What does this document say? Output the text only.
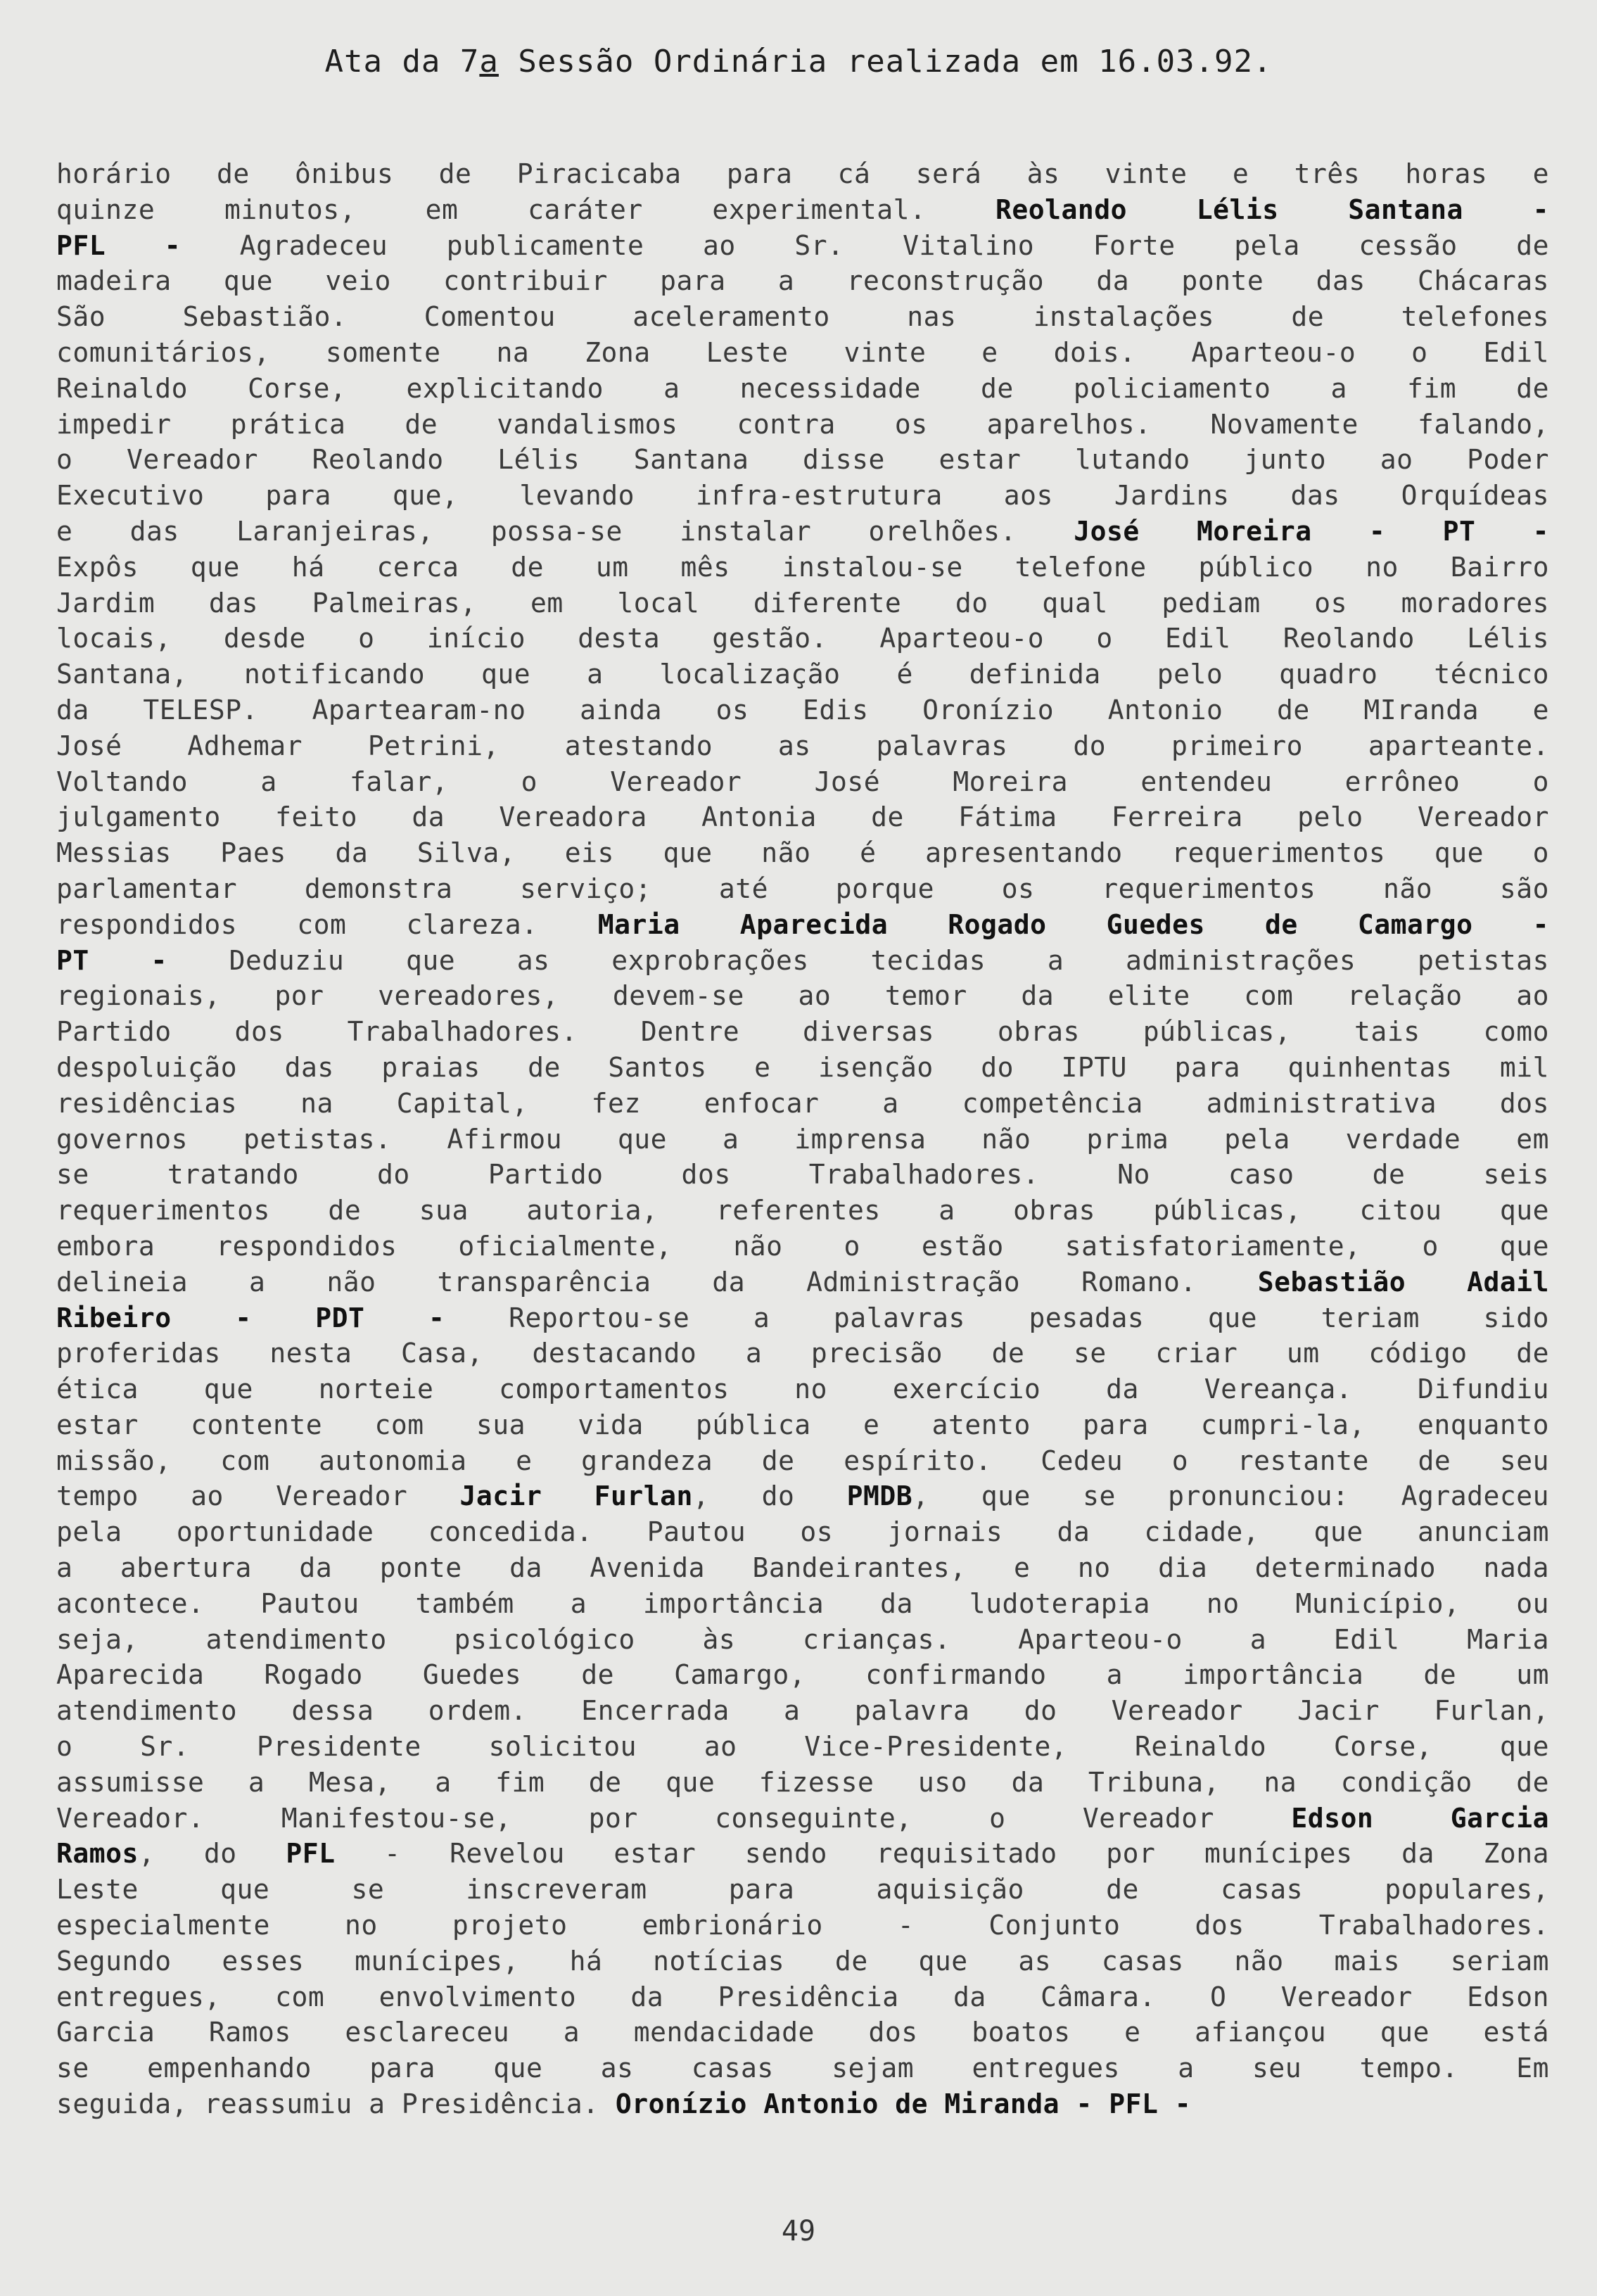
Ata da 7a Sessão Ordinária realizada em 16.03.92.
horário de ônibus de Piracicaba para cá será às vinte e três horas e
quinze minutos, em caráter experimental. Reolando Lélis Santana -
PFL - Agradeceu publicamente ao Sr. Vitalino Forte pela cessão de
madeira que veio contribuir para a reconstrução da ponte das Chácaras
São Sebastião. Comentou aceleramento nas instalações de telefones
comunitários, somente na Zona Leste vinte e dois. Aparteou-o o Edil
Reinaldo Corse, explicitando a necessidade de policiamento a fim de
impedir prática de vandalismos contra os aparelhos. Novamente falando,
o Vereador Reolando Lélis Santana disse estar lutando junto ao Poder
Executivo para que, levando infra-estrutura aos Jardins das Orquídeas
e das Laranjeiras, possa-se instalar orelhões. José Moreira - PT -
Expôs que há cerca de um mês instalou-se telefone público no Bairro
Jardim das Palmeiras, em local diferente do qual pediam os moradores
locais, desde o início desta gestão. Aparteou-o o Edil Reolando Lélis
Santana, notificando que a localização é definida pelo quadro técnico
da TELESP. Apartearam-no ainda os Edis Oronízio Antonio de MIranda e
José Adhemar Petrini, atestando as palavras do primeiro aparteante.
Voltando a falar, o Vereador José Moreira entendeu errôneo o
julgamento feito da Vereadora Antonia de Fátima Ferreira pelo Vereador
Messias Paes da Silva, eis que não é apresentando requerimentos que o
parlamentar demonstra serviço; até porque os requerimentos não são
respondidos com clareza. Maria Aparecida Rogado Guedes de Camargo -
PT - Deduziu que as exprobrações tecidas a administrações petistas
regionais, por vereadores, devem-se ao temor da elite com relação ao
Partido dos Trabalhadores. Dentre diversas obras públicas, tais como
despoluição das praias de Santos e isenção do IPTU para quinhentas mil
residências na Capital, fez enfocar a competência administrativa dos
governos petistas. Afirmou que a imprensa não prima pela verdade em
se tratando do Partido dos Trabalhadores. No caso de seis
requerimentos de sua autoria, referentes a obras públicas, citou que
embora respondidos oficialmente, não o estão satisfatoriamente, o que
delineia a não transparência da Administração Romano. Sebastião Adail
Ribeiro - PDT - Reportou-se a palavras pesadas que teriam sido
proferidas nesta Casa, destacando a precisão de se criar um código de
ética que norteie comportamentos no exercício da Vereança. Difundiu
estar contente com sua vida pública e atento para cumpri-la, enquanto
missão, com autonomia e grandeza de espírito. Cedeu o restante de seu
tempo ao Vereador Jacir Furlan, do PMDB, que se pronunciou: Agradeceu
pela oportunidade concedida. Pautou os jornais da cidade, que anunciam
a abertura da ponte da Avenida Bandeirantes, e no dia determinado nada
acontece. Pautou também a importância da ludoterapia no Município, ou
seja, atendimento psicológico às crianças. Aparteou-o a Edil Maria
Aparecida Rogado Guedes de Camargo, confirmando a importância de um
atendimento dessa ordem. Encerrada a palavra do Vereador Jacir Furlan,
o Sr. Presidente solicitou ao Vice-Presidente, Reinaldo Corse, que
assumisse a Mesa, a fim de que fizesse uso da Tribuna, na condição de
Vereador. Manifestou-se, por conseguinte, o Vereador Edson Garcia
Ramos, do PFL - Revelou estar sendo requisitado por munícipes da Zona
Leste que se inscreveram para aquisição de casas populares,
especialmente no projeto embrionário - Conjunto dos Trabalhadores.
Segundo esses munícipes, há notícias de que as casas não mais seriam
entregues, com envolvimento da Presidência da Câmara. O Vereador Edson
Garcia Ramos esclareceu a mendacidade dos boatos e afiançou que está
se empenhando para que as casas sejam entregues a seu tempo. Em
seguida, reassumiu a Presidência. Oronízio Antonio de Miranda - PFL -
49
